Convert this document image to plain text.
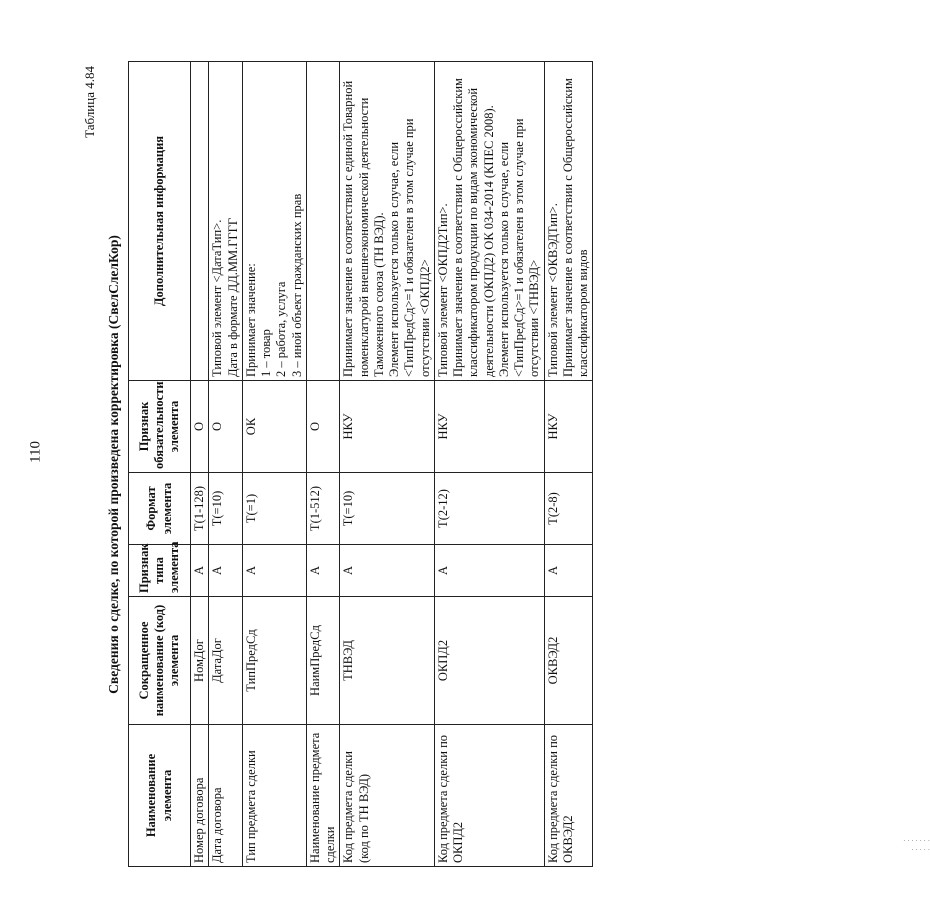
110
Таблица 4.84
Сведения о сделке, по которой произведена корректировка (СвелСлелКор)
Наименование элемента	Сокращенное наименование (код) элемента	Признак типа элемента	Формат элемента	Признак обязательности элемента	Дополнительная информация
Номер договора	НомДог	А	Т(1-128)	О	
Дата договора	ДатаДог	А	Т(=10)	О	Типовой элемент <ДатаТип>.
Дата в формате ДД.ММ.ГГГГ
Тип предмета сделки	ТипПредСд	А	Т(=1)	ОК	Принимает значение:
1 – товар
2 – работа, услуга
3 – иной объект гражданских прав
Наименование предмета сделки	НаимПредСд	А	Т(1-512)	О	
Код предмета сделки (код по ТН ВЭД)	ТНВЭД	А	Т(=10)	НКУ	Принимает значение в соответствии с единой Товарной номенклатурой внешнеэкономической деятельности Таможенного союза (ТН ВЭД).
Элемент используется только в случае, если <ТипПредСд>=1 и обязателен в этом случае при отсутствии <ОКПД2>
Код предмета сделки по ОКПД2	ОКПД2	А	Т(2-12)	НКУ	Типовой элемент <ОКПД2Тип>.
Принимает значение в соответствии с Общероссийским классификатором продукции по видам экономической деятельности (ОКПД2) ОК 034-2014 (КПЕС 2008).
Элемент используется только в случае, если <ТипПредСд>=1 и обязателен в этом случае при отсутствии <ТНВЭД>
Код предмета сделки по ОКВЭД2	ОКВЭД2	А	Т(2-8)	НКУ	Типовой элемент <ОКВЭДТип>.
Принимает значение в соответствии с Общероссийским классификатором видов
· · · · ·
· · · · · · ·
